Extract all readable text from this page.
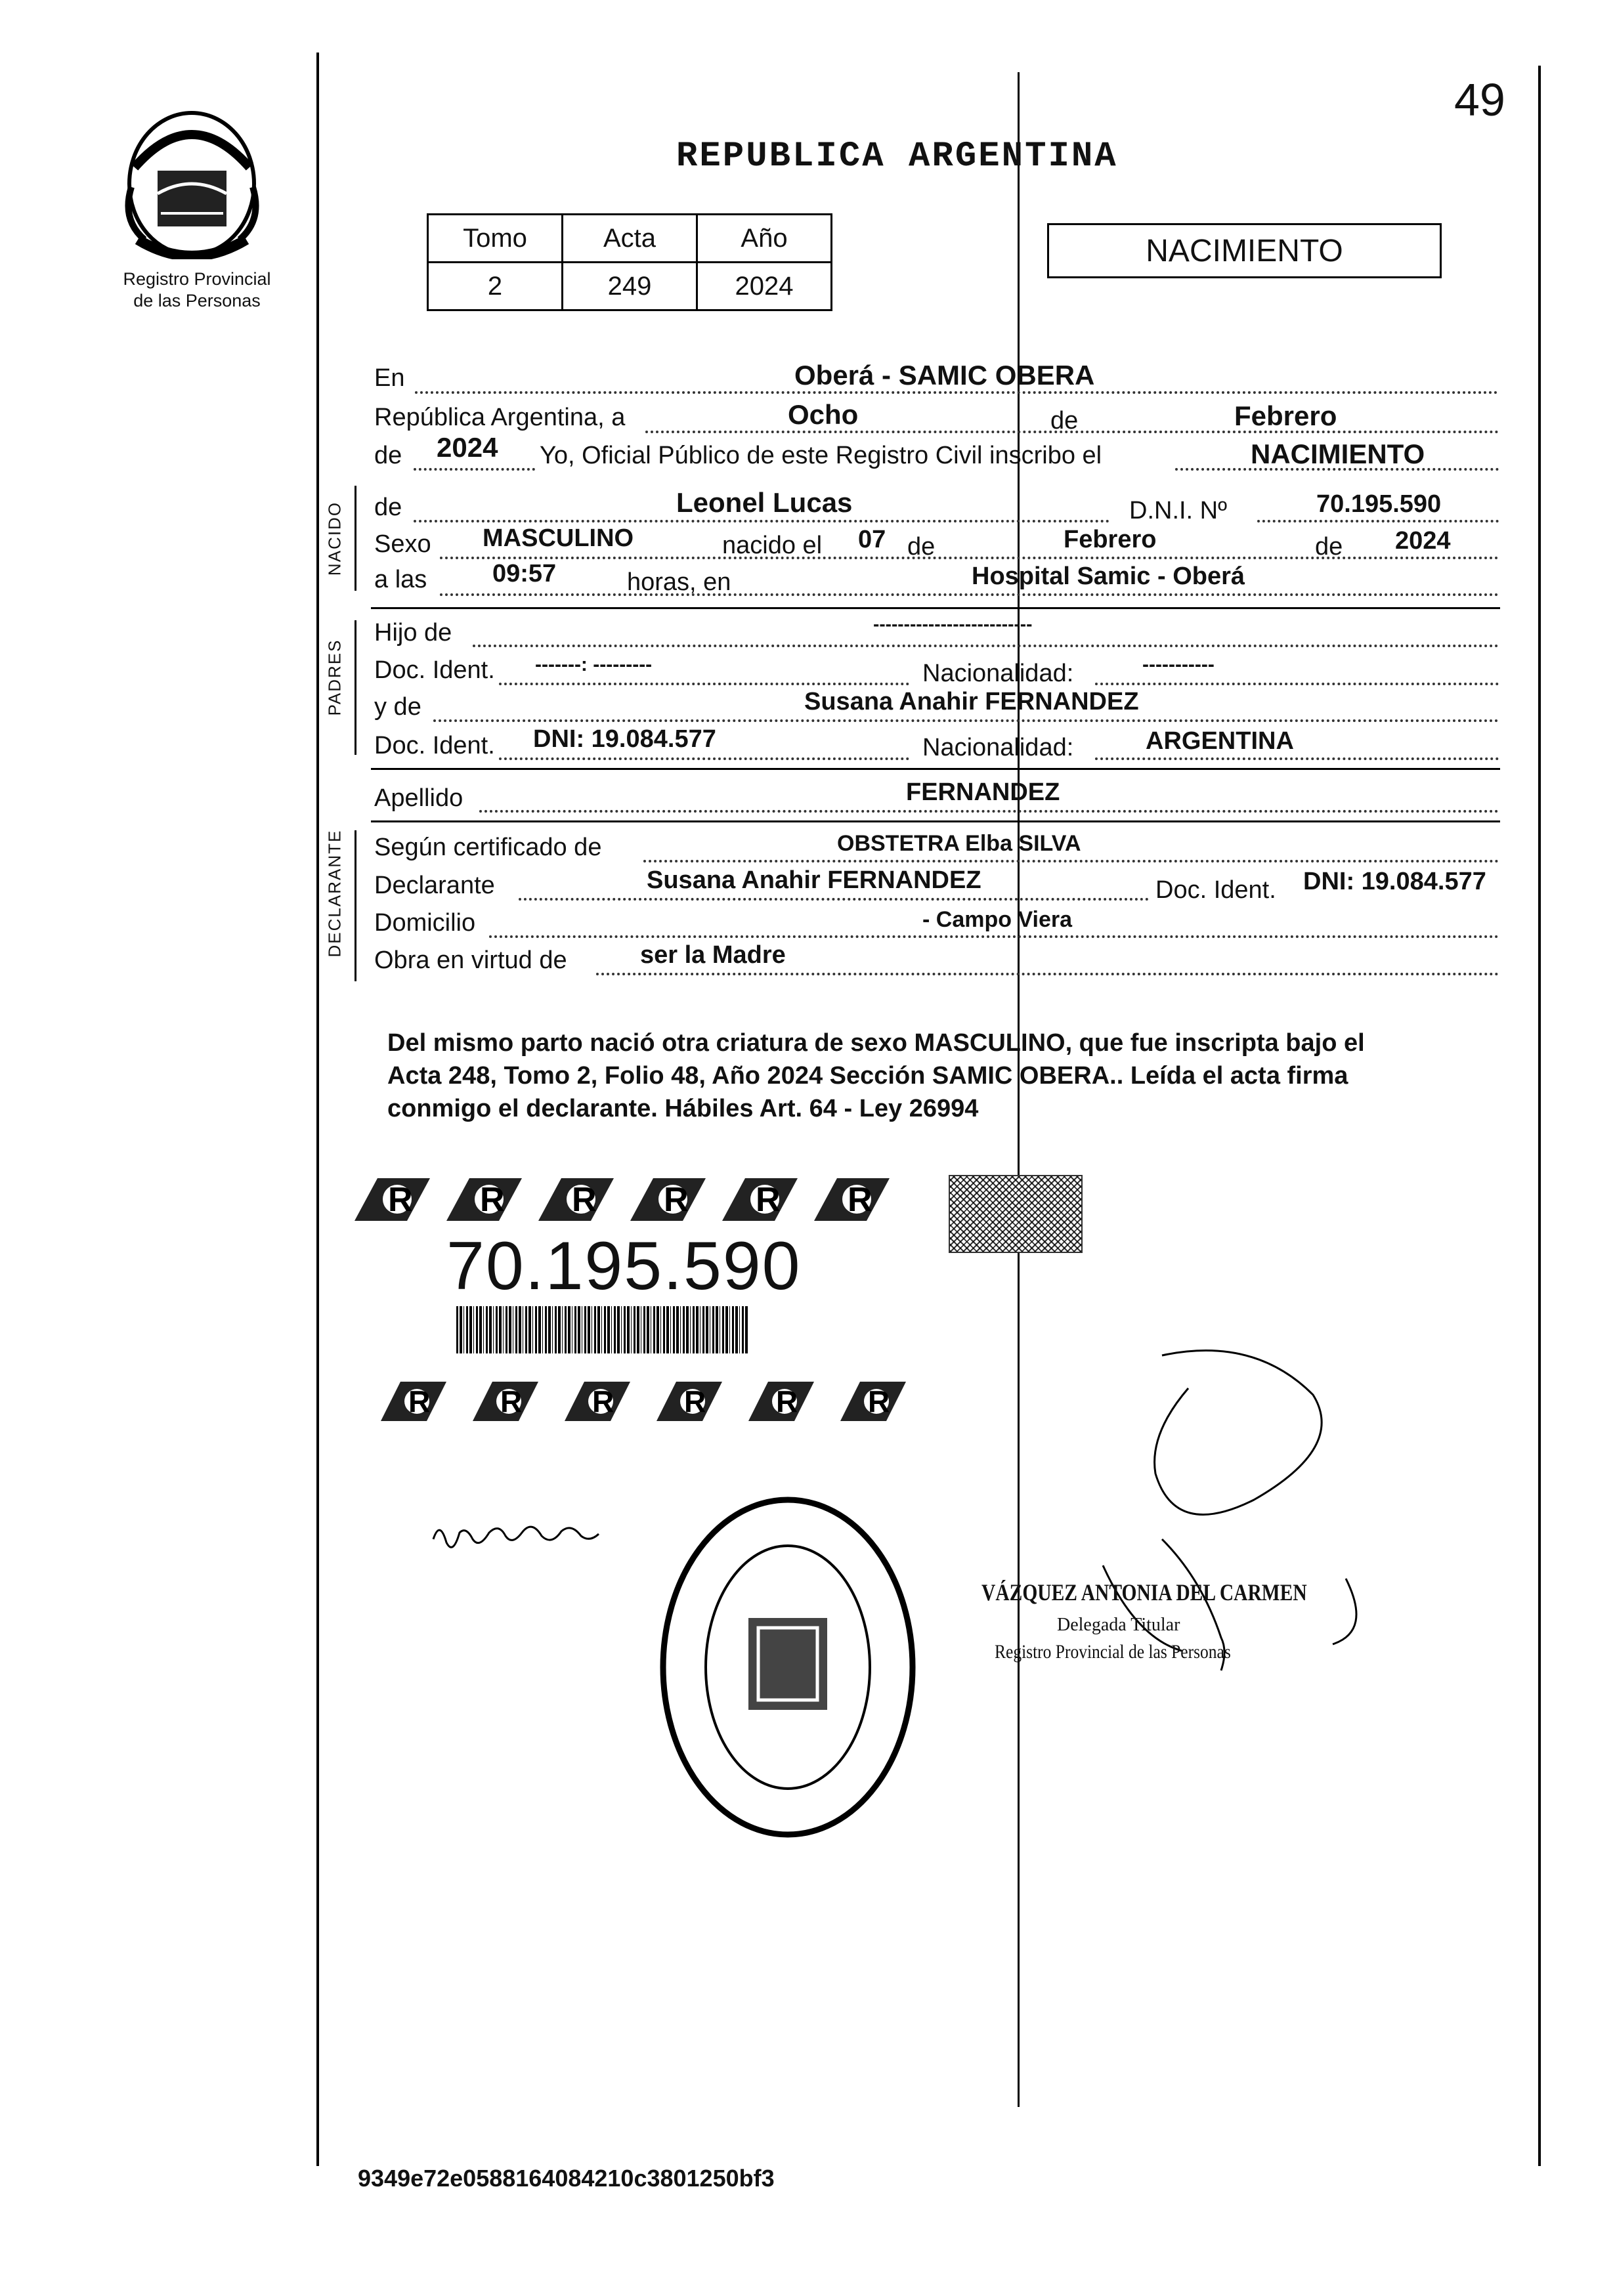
49
Registro Provincial
de las Personas
REPUBLICA ARGENTINA
Tomo	Acta	Año
2	249	2024
NACIMIENTO
NACIDO
PADRES
DECLARANTE
En	Oberá - SAMIC OBERA
República Argentina, a	Ocho	de	Febrero
de 2024 Yo, Oficial Público de este Registro Civil inscribo el	NACIMIENTO
de	Leonel Lucas	D.N.I. Nº	70.195.590
Sexo MASCULINO	nacido el 07 de	Febrero	de 2024
a las	09:57	horas, en	Hospital Samic - Oberá
Hijo de	--------------------------
Doc. Ident. -------: ---------	Nacionalidad:	-----------
y de	Susana Anahir FERNANDEZ
Doc. Ident. DNI: 19.084.577	Nacionalidad:	ARGENTINA
Apellido	FERNANDEZ
Según certificado de	OBSTETRA Elba SILVA
Declarante	Susana Anahir FERNANDEZ	Doc. Ident. DNI: 19.084.577
Domicilio	- Campo Viera
Obra en virtud de	ser la Madre
Del mismo parto nació otra criatura de sexo MASCULINO, que fue inscripta bajo el
Acta 248, Tomo 2, Folio 48, Año 2024 Sección SAMIC OBERA.. Leída el acta firma
conmigo el declarante. Hábiles Art. 64 - Ley 26994
R R R R R R
70.195.590
R R R R R R
VÁZQUEZ ANTONIA DEL CARMEN
Delegada Titular
Registro Provincial de las Personas
9349e72e0588164084210c3801250bf3
